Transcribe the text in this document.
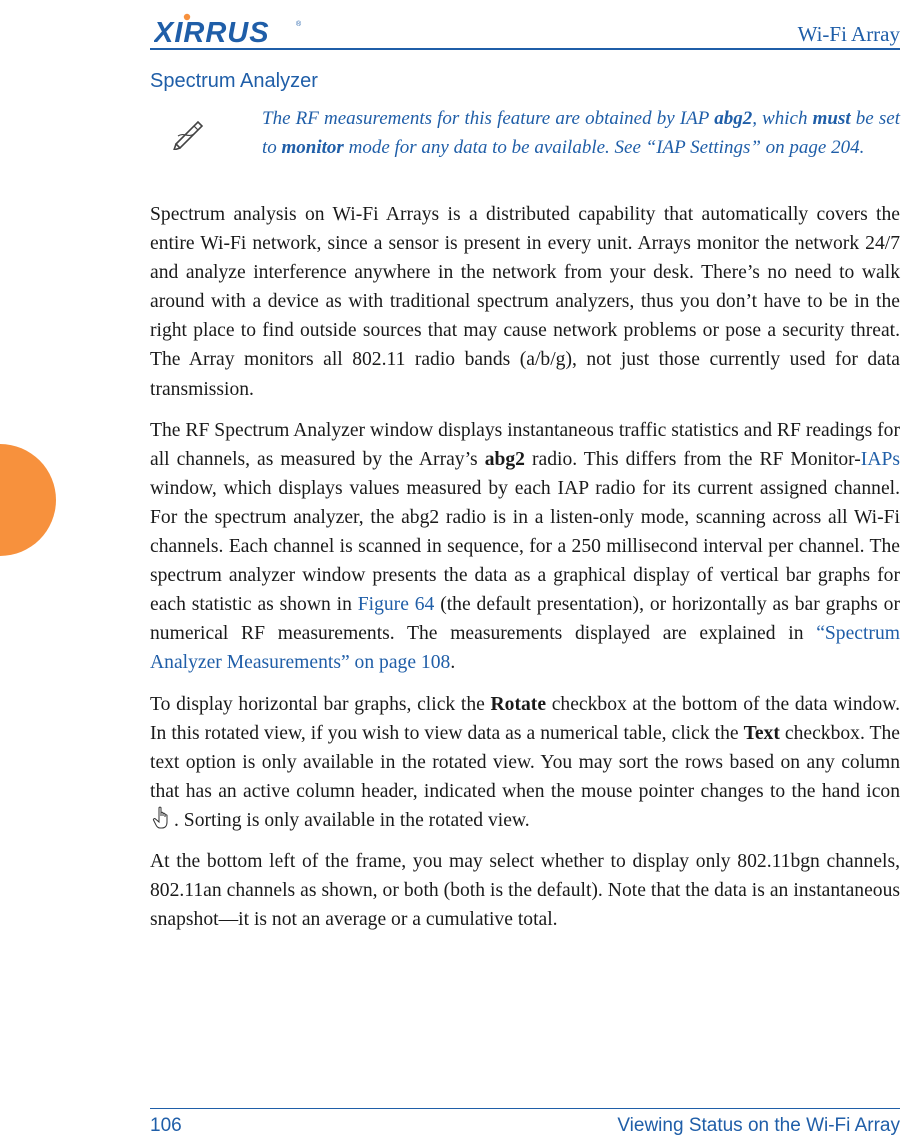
XIRRUS	®	Wi-Fi Array
Spectrum Analyzer
The RF measurements for this feature are obtained by IAP abg2, which must be set to monitor mode for any data to be available. See “IAP Settings” on page 204.

Spectrum analysis on Wi-Fi Arrays is a distributed capability that automatically covers the entire Wi-Fi network, since a sensor is present in every unit. Arrays monitor the network 24/7 and analyze interference anywhere in the network from your desk. There’s no need to walk around with a device as with traditional spectrum analyzers, thus you don’t have to be in the right place to find outside sources that may cause network problems or pose a security threat. The Array monitors all 802.11 radio bands (a/b/g), not just those currently used for data transmission.

The RF Spectrum Analyzer window displays instantaneous traffic statistics and RF readings for all channels, as measured by the Array’s abg2 radio. This differs from the RF Monitor-IAPs window, which displays values measured by each IAP radio for its current assigned channel. For the spectrum analyzer, the abg2 radio is in a listen-only mode, scanning across all Wi-Fi channels. Each channel is scanned in sequence, for a 250 millisecond interval per channel. The spectrum analyzer window presents the data as a graphical display of vertical bar graphs for each statistic as shown in Figure 64 (the default presentation), or horizontally as bar graphs or numerical RF measurements. The measurements displayed are explained in “Spectrum Analyzer Measurements” on page 108.

To display horizontal bar graphs, click the Rotate checkbox at the bottom of the data window. In this rotated view, if you wish to view data as a numerical table, click the Text checkbox. The text option is only available in the rotated view. You may sort the rows based on any column that has an active column header, indicated when the mouse pointer changes to the hand icon . Sorting is only available in the rotated view.

At the bottom left of the frame, you may select whether to display only 802.11bgn channels, 802.11an channels as shown, or both (both is the default). Note that the data is an instantaneous snapshot—it is not an average or a cumulative total.

106	Viewing Status on the Wi-Fi Array
